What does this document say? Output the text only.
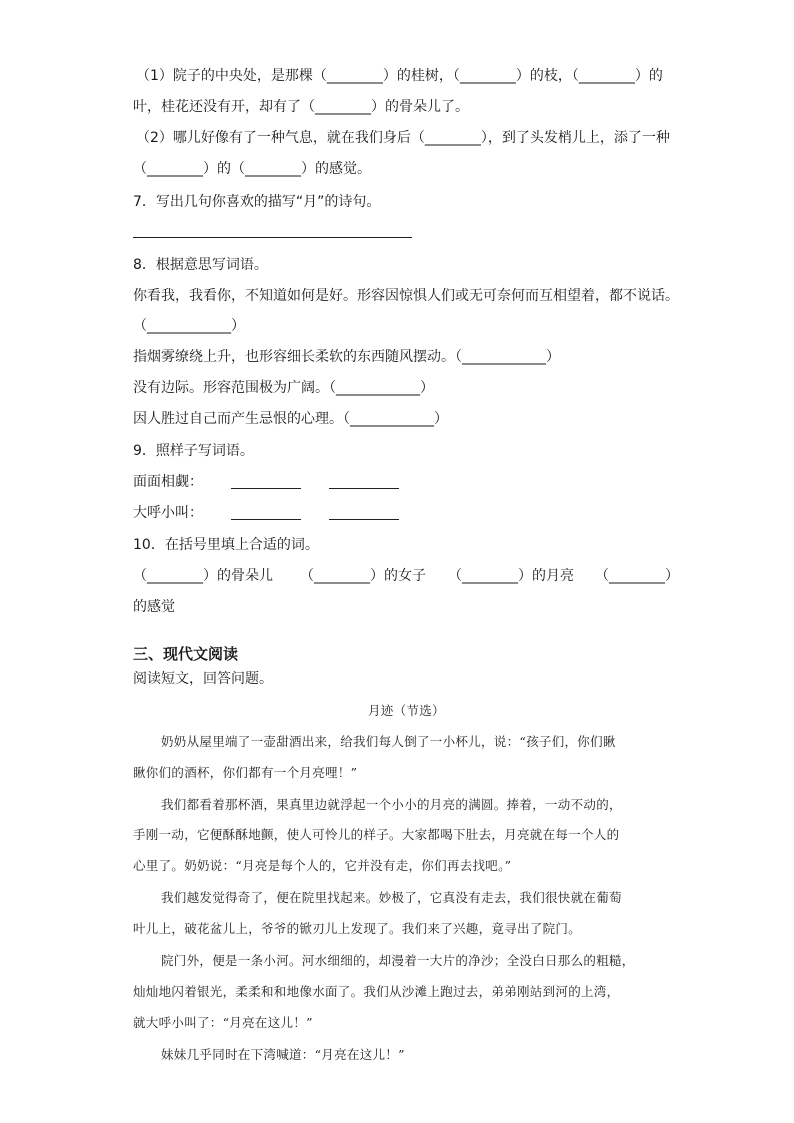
（1）院子的中央处，是那棵（________）的桂树，（________）的枝，（________）的
叶，桂花还没有开，却有了（________）的骨朵儿了。
（2）哪儿好像有了一种气息，就在我们身后（________），到了头发梢儿上，添了一种
（________）的（________）的感觉。
7．写出几句你喜欢的描写“月”的诗句。
8．根据意思写词语。
你看我，我看你，不知道如何是好。形容因惊惧人们或无可奈何而互相望着，都不说话。
（____________）
指烟雾缭绕上升，也形容细长柔软的东西随风摆动。（____________）
没有边际。形容范围极为广阔。（____________）
因人胜过自己而产生忌恨的心理。（____________）
9．照样子写词语。
面面相觑：
大呼小叫：
10．在括号里填上合适的词。
（________）的骨朵儿 （________）的女子 （________）的月亮 （________）
的感觉
三、现代文阅读
阅读短文，回答问题。
月迹（节选）
奶奶从屋里端了一壶甜酒出来，给我们每人倒了一小杯儿，说：“孩子们，你们瞅
瞅你们的酒杯，你们都有一个月亮哩！”
我们都看着那杯酒，果真里边就浮起一个小小的月亮的满圆。捧着，一动不动的，
手刚一动，它便酥酥地颤，使人可怜儿的样子。大家都喝下肚去，月亮就在每一个人的
心里了。奶奶说：“月亮是每个人的，它并没有走，你们再去找吧。”
我们越发觉得奇了，便在院里找起来。妙极了，它真没有走去，我们很快就在葡萄
叶儿上，破花盆儿上，爷爷的锨刃儿上发现了。我们来了兴趣，竟寻出了院门。
院门外，便是一条小河。河水细细的，却漫着一大片的净沙；全没白日那么的粗糙，
灿灿地闪着银光，柔柔和和地像水面了。我们从沙滩上跑过去，弟弟刚站到河的上湾，
就大呼小叫了：“月亮在这儿！”
妹妹几乎同时在下湾喊道：“月亮在这儿！”
